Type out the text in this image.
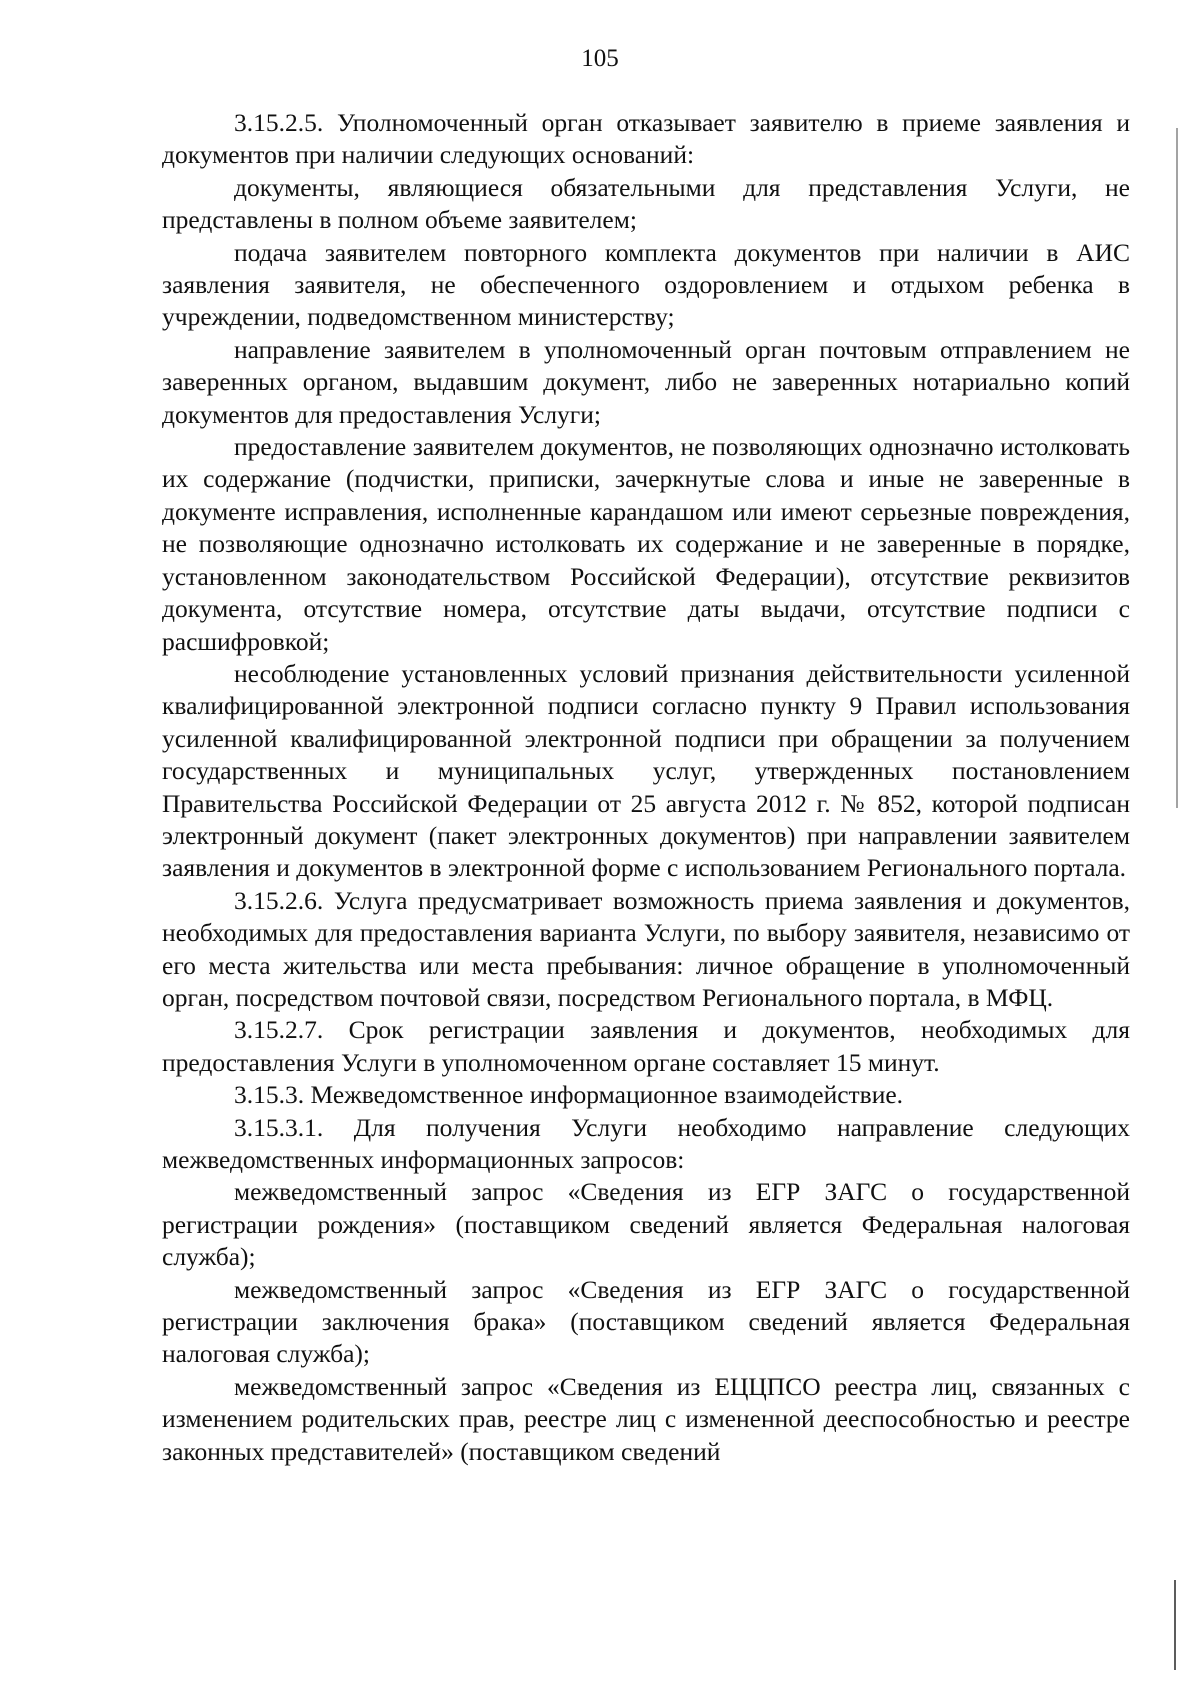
105

3.15.2.5. Уполномоченный орган отказывает заявителю в приеме заявления и документов при наличии следующих оснований:

документы, являющиеся обязательными для представления Услуги, не представлены в полном объеме заявителем;

подача заявителем повторного комплекта документов при наличии в АИС заявления заявителя, не обеспеченного оздоровлением и отдыхом ребенка в учреждении, подведомственном министерству;

направление заявителем в уполномоченный орган почтовым отправлением не заверенных органом, выдавшим документ, либо не заверенных нотариально копий документов для предоставления Услуги;

предоставление заявителем документов, не позволяющих однозначно истолковать их содержание (подчистки, приписки, зачеркнутые слова и иные не заверенные в документе исправления, исполненные карандашом или имеют серьезные повреждения, не позволяющие однозначно истолковать их содержание и не заверенные в порядке, установленном законодательством Российской Федерации), отсутствие реквизитов документа, отсутствие номера, отсутствие даты выдачи, отсутствие подписи с расшифровкой;

несоблюдение установленных условий признания действительности усиленной квалифицированной электронной подписи согласно пункту 9 Правил использования усиленной квалифицированной электронной подписи при обращении за получением государственных и муниципальных услуг, утвержденных постановлением Правительства Российской Федерации от 25 августа 2012 г. № 852, которой подписан электронный документ (пакет электронных документов) при направлении заявителем заявления и документов в электронной форме с использованием Регионального портала.

3.15.2.6. Услуга предусматривает возможность приема заявления и документов, необходимых для предоставления варианта Услуги, по выбору заявителя, независимо от его места жительства или места пребывания: личное обращение в уполномоченный орган, посредством почтовой связи, посредством Регионального портала, в МФЦ.

3.15.2.7. Срок регистрации заявления и документов, необходимых для предоставления Услуги в уполномоченном органе составляет 15 минут.

3.15.3. Межведомственное информационное взаимодействие.

3.15.3.1. Для получения Услуги необходимо направление следующих межведомственных информационных запросов:

межведомственный запрос «Сведения из ЕГР ЗАГС о государственной регистрации рождения» (поставщиком сведений является Федеральная налоговая служба);

межведомственный запрос «Сведения из ЕГР ЗАГС о государственной регистрации заключения брака» (поставщиком сведений является Федеральная налоговая служба);

межведомственный запрос «Сведения из ЕЦЦПСО реестра лиц, связанных с изменением родительских прав, реестре лиц с измененной дееспособностью и реестре законных представителей» (поставщиком сведений
